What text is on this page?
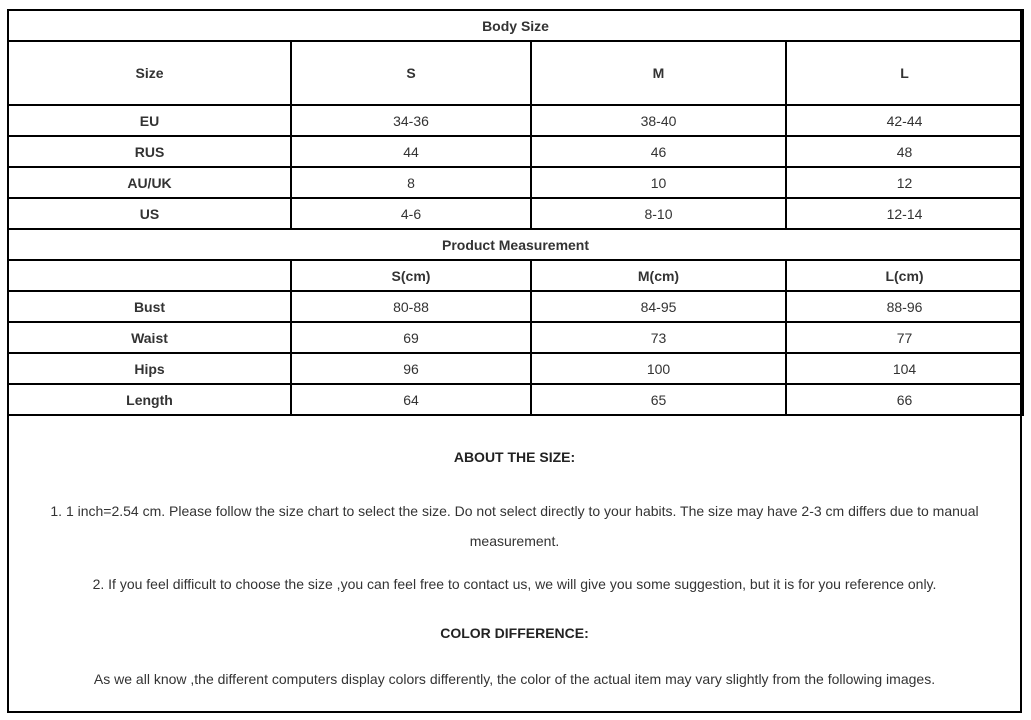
Body Size			
Size	S	M	L
EU	34-36	38-40	42-44
RUS	44	46	48
AU/UK	8	10	12
US	4-6	8-10	12-14
Product Measurement			
	S(cm)	M(cm)	L(cm)
Bust	80-88	84-95	88-96
Waist	69	73	77
Hips	96	100	104
Length	64	65	66
ABOUT THE SIZE:
1. 1 inch=2.54 cm. Please follow the size chart to select the size. Do not select directly to your habits. The size may have 2-3 cm differs due to manual measurement.
2. If you feel difficult to choose the size ,you can feel free to contact us, we will give you some suggestion, but it is for you reference only.
COLOR DIFFERENCE:
As we all know ,the different computers display colors differently, the color of the actual item may vary slightly from the following images.
